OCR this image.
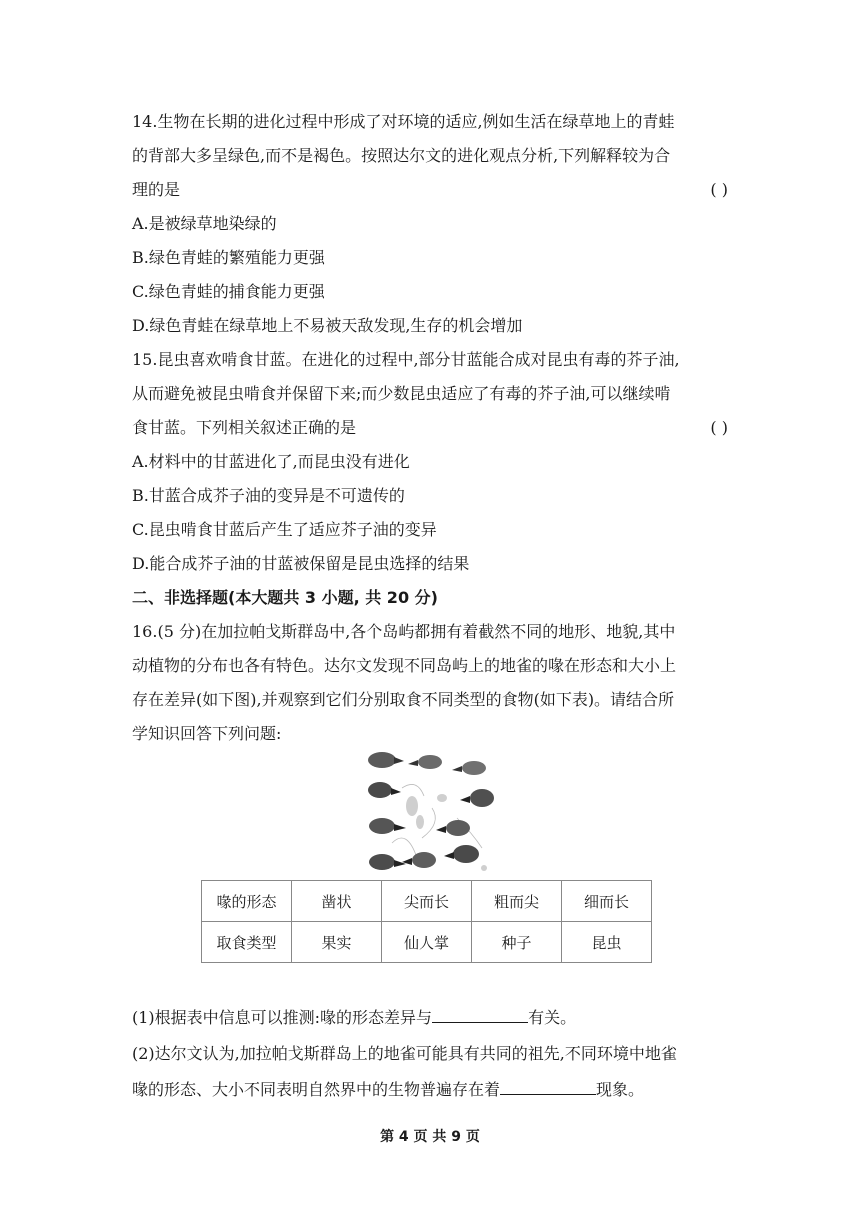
14.生物在长期的进化过程中形成了对环境的适应,例如生活在绿草地上的青蛙
的背部大多呈绿色,而不是褐色。按照达尔文的进化观点分析,下列解释较为合
理的是	( )
A.是被绿草地染绿的
B.绿色青蛙的繁殖能力更强
C.绿色青蛙的捕食能力更强
D.绿色青蛙在绿草地上不易被天敌发现,生存的机会增加
15.昆虫喜欢啃食甘蓝。在进化的过程中,部分甘蓝能合成对昆虫有毒的芥子油,
从而避免被昆虫啃食并保留下来;而少数昆虫适应了有毒的芥子油,可以继续啃
食甘蓝。下列相关叙述正确的是	( )
A.材料中的甘蓝进化了,而昆虫没有进化
B.甘蓝合成芥子油的变异是不可遗传的
C.昆虫啃食甘蓝后产生了适应芥子油的变异
D.能合成芥子油的甘蓝被保留是昆虫选择的结果
二、非选择题(本大题共 3 小题, 共 20 分)
16.(5 分)在加拉帕戈斯群岛中,各个岛屿都拥有着截然不同的地形、地貌,其中
动植物的分布也各有特色。达尔文发现不同岛屿上的地雀的喙在形态和大小上
存在差异(如下图),并观察到它们分别取食不同类型的食物(如下表)。请结合所
学知识回答下列问题:
喙的形态	凿状	尖而长	粗而尖	细而长
取食类型	果实	仙人掌	种子	昆虫
(1)根据表中信息可以推测:喙的形态差异与	有关。
(2)达尔文认为,加拉帕戈斯群岛上的地雀可能具有共同的祖先,不同环境中地雀
喙的形态、大小不同表明自然界中的生物普遍存在着	现象。
第 4 页 共 9 页
